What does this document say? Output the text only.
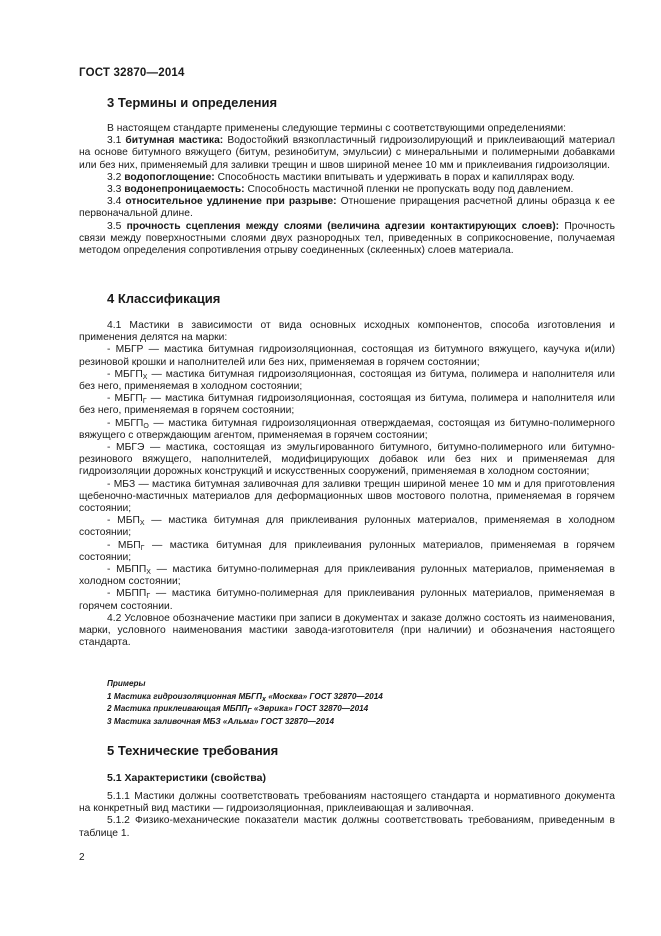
ГОСТ 32870—2014
3 Термины и определения

В настоящем стандарте применены следующие термины с соответствующими определениями:

3.1 битумная мастика: Водостойкий вязкопластичный гидроизолирующий и приклеивающий материал на основе битумного вяжущего (битум, резинобитум, эмульсии) с минеральными и полимерными добавками или без них, применяемый для заливки трещин и швов шириной менее 10 мм и приклеивания гидроизоляции.

3.2 водопоглощение: Способность мастики впитывать и удерживать в порах и капиллярах воду.

3.3 водонепроницаемость: Способность мастичной пленки не пропускать воду под давлением.

3.4 относительное удлинение при разрыве: Отношение приращения расчетной длины образца к ее первоначальной длине.

3.5 прочность сцепления между слоями (величина адгезии контактирующих слоев): Прочность связи между поверхностными слоями двух разнородных тел, приведенных в соприкосновение, получаемая методом определения сопротивления отрыву соединенных (склеенных) слоев материала.

4 Классификация

4.1 Мастики в зависимости от вида основных исходных компонентов, способа изготовления и применения делятся на марки:

- МБГР — мастика битумная гидроизоляционная, состоящая из битумного вяжущего, каучука и(или) резиновой крошки и наполнителей или без них, применяемая в горячем состоянии;

- $МБГП_Х$ — мастика битумная гидроизоляционная, состоящая из битума, полимера и наполнителя или без него, применяемая в холодном состоянии;

- $МБГП_Г$ — мастика битумная гидроизоляционная, состоящая из битума, полимера и наполнителя или без него, применяемая в горячем состоянии;

- $МБГП_О$ — мастика битумная гидроизоляционная отверждаемая, состоящая из битумно-полимерного вяжущего с отверждающим агентом, применяемая в горячем состоянии;

- МБГЭ — мастика, состоящая из эмульгированного битумного, битумно-полимерного или битумно-резинового вяжущего, наполнителей, модифицирующих добавок или без них и применяемая для гидроизоляции дорожных конструкций и искусственных сооружений, применяемая в холодном состоянии;

- МБЗ — мастика битумная заливочная для заливки трещин шириной менее 10 мм и для приготовления щебеночно-мастичных материалов для деформационных швов мостового полотна, применяемая в горячем состоянии;

- $МБП_Х$ — мастика битумная для приклеивания рулонных материалов, применяемая в холодном состоянии;

- $МБП_Г$ — мастика битумная для приклеивания рулонных материалов, применяемая в горячем состоянии;

- $МБПП_Х$ — мастика битумно-полимерная для приклеивания рулонных материалов, применяемая в холодном состоянии;

- $МБПП_Г$ — мастика битумно-полимерная для приклеивания рулонных материалов, применяемая в горячем состоянии.

4.2 Условное обозначение мастики при записи в документах и заказе должно состоять из наименования, марки, условного наименования мастики завода-изготовителя (при наличии) и обозначения настоящего стандарта.

Примеры
1 Мастика гидроизоляционная $МБГП_х$ «Москва» ГОСТ 32870—2014
2 Мастика приклеивающая $МБПП_Г$ «Эврика» ГОСТ 32870—2014
3 Мастика заливочная МБЗ «Альма» ГОСТ 32870—2014
5 Технические требования
5.1 Характеристики (свойства)

5.1.1 Мастики должны соответствовать требованиям настоящего стандарта и нормативного документа на конкретный вид мастики — гидроизоляционная, приклеивающая и заливочная.

5.1.2 Физико-механические показатели мастик должны соответствовать требованиям, приведенным в таблице 1.

2
